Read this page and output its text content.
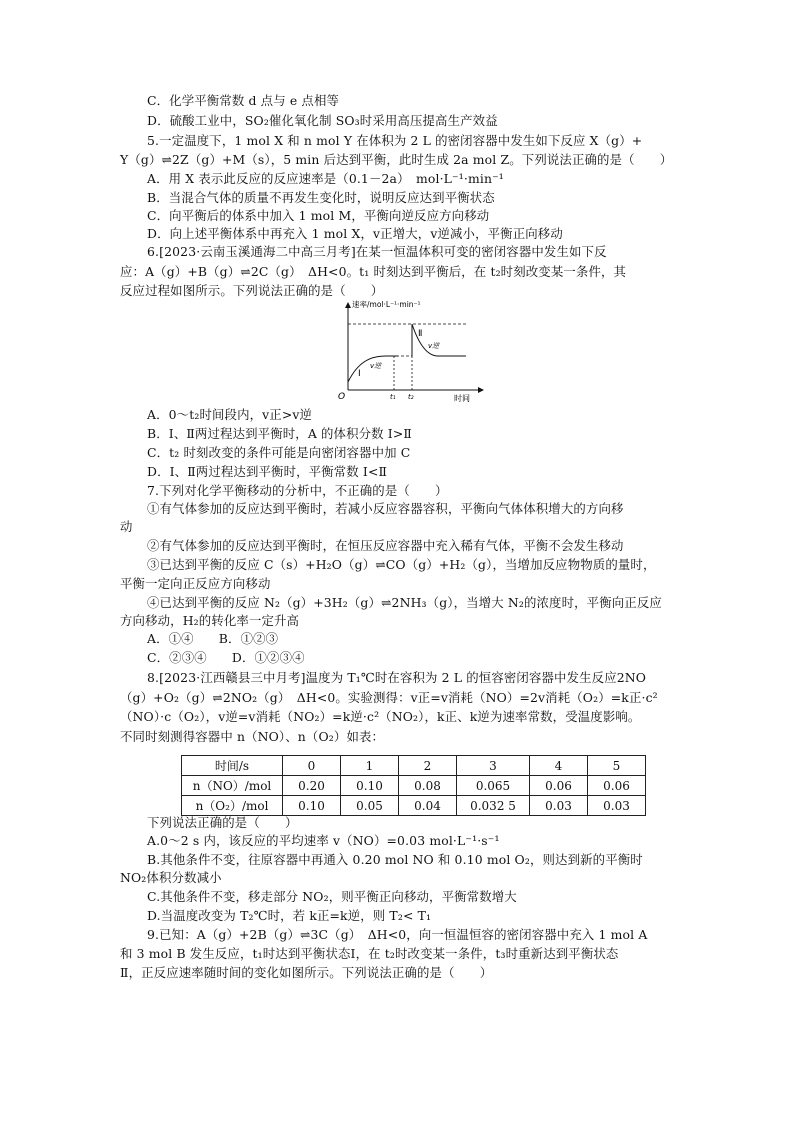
C．化学平衡常数 d 点与 e 点相等
D．硫酸工业中，SO₂催化氧化制 SO₃时采用高压提高生产效益
5.一定温度下，1 mol X 和 n mol Y 在体积为 2 L 的密闭容器中发生如下反应 X（g）+
Y（g）⇌2Z（g）+M（s），5 min 后达到平衡，此时生成 2a mol Z。下列说法正确的是（　　）
A．用 X 表示此反应的反应速率是（0.1－2a）　mol·L⁻¹·min⁻¹
B．当混合气体的质量不再发生变化时，说明反应达到平衡状态
C．向平衡后的体系中加入 1 mol M，平衡向逆反应方向移动
D．向上述平衡体系中再充入 1 mol X，v正增大，v逆减小，平衡正向移动
6.[2023·云南玉溪通海二中高三月考]在某一恒温体积可变的密闭容器中发生如下反
应：A（g）+B（g）⇌2C（g）　ΔH<0。t₁ 时刻达到平衡后，在 t₂时刻改变某一条件，其
反应过程如图所示。下列说法正确的是（　　）
速率/mol·L⁻¹·min⁻¹
O	时间
Ⅰ
Ⅱ
v逆
v逆
t₁ t₂
A．0～t₂时间段内，v正>v逆
B．Ⅰ、Ⅱ两过程达到平衡时，A 的体积分数 Ⅰ>Ⅱ
C．t₂ 时刻改变的条件可能是向密闭容器中加 C
D．Ⅰ、Ⅱ两过程达到平衡时，平衡常数 Ⅰ<Ⅱ
7.下列对化学平衡移动的分析中，不正确的是（　　）
①有气体参加的反应达到平衡时，若减小反应容器容积，平衡向气体体积增大的方向移
动
②有气体参加的反应达到平衡时，在恒压反应容器中充入稀有气体，平衡不会发生移动
③已达到平衡的反应 C（s）+H₂O（g）⇌CO（g）+H₂（g），当增加反应物物质的量时，
平衡一定向正反应方向移动
④已达到平衡的反应 N₂（g）+3H₂（g）⇌2NH₃（g），当增大 N₂的浓度时，平衡向正反应
方向移动，H₂的转化率一定升高
A．①④　　B．①②③
C．②③④　　D．①②③④
8.[2023·江西赣县三中月考]温度为 T₁℃时在容积为 2 L 的恒容密闭容器中发生反应2NO
（g）+O₂（g）⇌2NO₂（g）　ΔH<0。实验测得：v正=v消耗（NO）=2v消耗（O₂）=k正·c²
（NO）·c（O₂），v逆=v消耗（NO₂）=k逆·c²（NO₂），k正、k逆为速率常数，受温度影响。
不同时刻测得容器中 n（NO）、n（O₂）如表：
时间/s	0	1	2	3	4	5
n（NO）/mol	0.20	0.10	0.08	0.065	0.06	0.06
n（O₂）/mol	0.10	0.05	0.04	0.032 5	0.03	0.03
下列说法正确的是（　　）
A.0～2 s 内，该反应的平均速率 v（NO）=0.03 mol·L⁻¹·s⁻¹
B.其他条件不变，往原容器中再通入 0.20 mol NO 和 0.10 mol O₂，则达到新的平衡时
NO₂体积分数减小
C.其他条件不变，移走部分 NO₂，则平衡正向移动，平衡常数增大
D.当温度改变为 T₂℃时，若 k正=k逆，则 T₂< T₁
9.已知：A（g）+2B（g）⇌3C（g）　ΔH<0，向一恒温恒容的密闭容器中充入 1 mol A
和 3 mol B 发生反应，t₁时达到平衡状态Ⅰ，在 t₂时改变某一条件，t₃时重新达到平衡状态
Ⅱ，正反应速率随时间的变化如图所示。下列说法正确的是（　　）
